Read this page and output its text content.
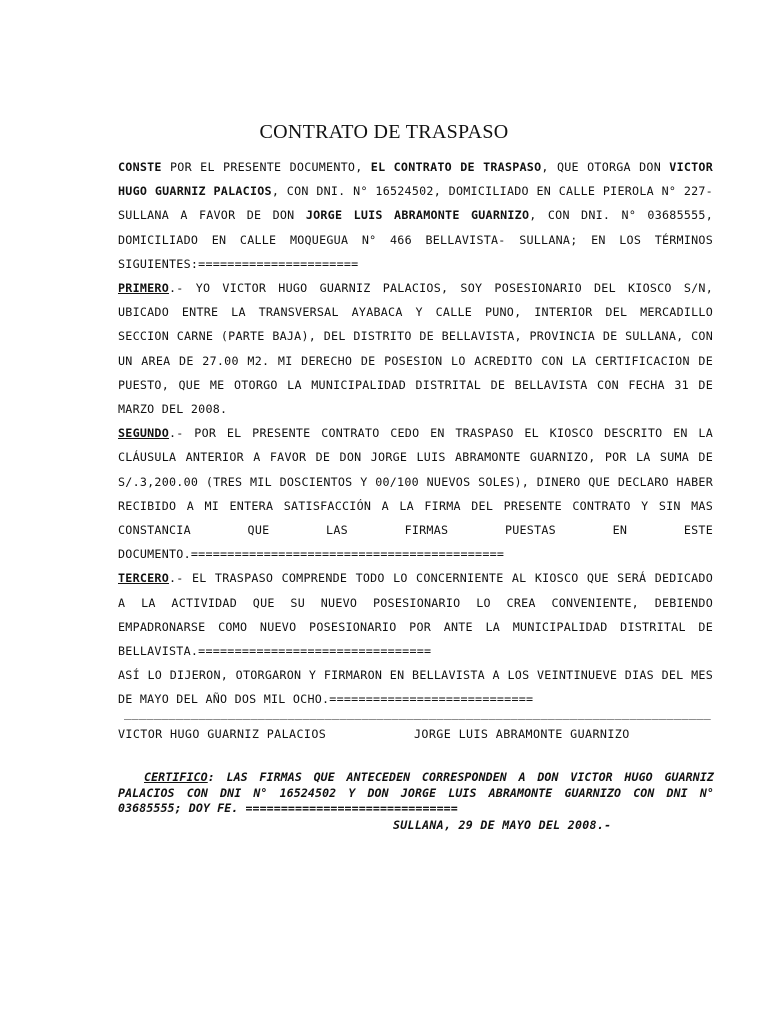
CONTRATO DE TRASPASO

CONSTE POR EL PRESENTE DOCUMENTO, EL CONTRATO DE TRASPASO, QUE OTORGA DON VICTOR HUGO GUARNIZ PALACIOS, CON DNI. N° 16524502, DOMICILIADO EN CALLE PIEROLA N° 227- SULLANA A FAVOR DE DON JORGE LUIS ABRAMONTE GUARNIZO, CON DNI. N° 03685555, DOMICILIADO EN CALLE MOQUEGUA N° 466 BELLAVISTA- SULLANA; EN LOS TÉRMINOS SIGUIENTES:======================

PRIMERO.- YO VICTOR HUGO GUARNIZ PALACIOS, SOY POSESIONARIO DEL KIOSCO S/N, UBICADO ENTRE LA TRANSVERSAL AYABACA Y CALLE PUNO, INTERIOR DEL MERCADILLO SECCION CARNE (PARTE BAJA), DEL DISTRITO DE BELLAVISTA, PROVINCIA DE SULLANA, CON UN AREA DE 27.00 M2. MI DERECHO DE POSESION LO ACREDITO CON LA CERTIFICACION DE PUESTO, QUE ME OTORGO LA MUNICIPALIDAD DISTRITAL DE BELLAVISTA CON FECHA 31 DE MARZO DEL 2008.

SEGUNDO.- POR EL PRESENTE CONTRATO CEDO EN TRASPASO EL KIOSCO DESCRITO EN LA CLÁUSULA ANTERIOR A FAVOR DE DON JORGE LUIS ABRAMONTE GUARNIZO, POR LA SUMA DE S/.3,200.00 (TRES MIL DOSCIENTOS Y 00/100 NUEVOS SOLES), DINERO QUE DECLARO HABER RECIBIDO A MI ENTERA SATISFACCIÓN A LA FIRMA DEL PRESENTE CONTRATO Y SIN MAS CONSTANCIA QUE LAS FIRMAS PUESTAS EN ESTE DOCUMENTO.===========================================

TERCERO.- EL TRASPASO COMPRENDE TODO LO CONCERNIENTE AL KIOSCO QUE SERÁ DEDICADO A LA ACTIVIDAD QUE SU NUEVO POSESIONARIO LO CREA CONVENIENTE, DEBIENDO EMPADRONARSE COMO NUEVO POSESIONARIO POR ANTE LA MUNICIPALIDAD DISTRITAL DE BELLAVISTA.================================

ASÍ LO DIJERON, OTORGARON Y FIRMARON EN BELLAVISTA A LOS VEINTINUEVE DIAS DEL MES DE MAYO DEL AÑO DOS MIL OCHO.============================

________________________________________
________________________________________
VICTOR HUGO GUARNIZ PALACIOS	JORGE LUIS ABRAMONTE GUARNIZO
CERTIFICO: LAS FIRMAS QUE ANTECEDEN CORRESPONDEN A DON VICTOR HUGO GUARNIZ PALACIOS CON DNI N° 16524502 Y DON JORGE LUIS ABRAMONTE GUARNIZO CON DNI N° 03685555; DOY FE. ==============================
SULLANA, 29 DE MAYO DEL 2008.-
